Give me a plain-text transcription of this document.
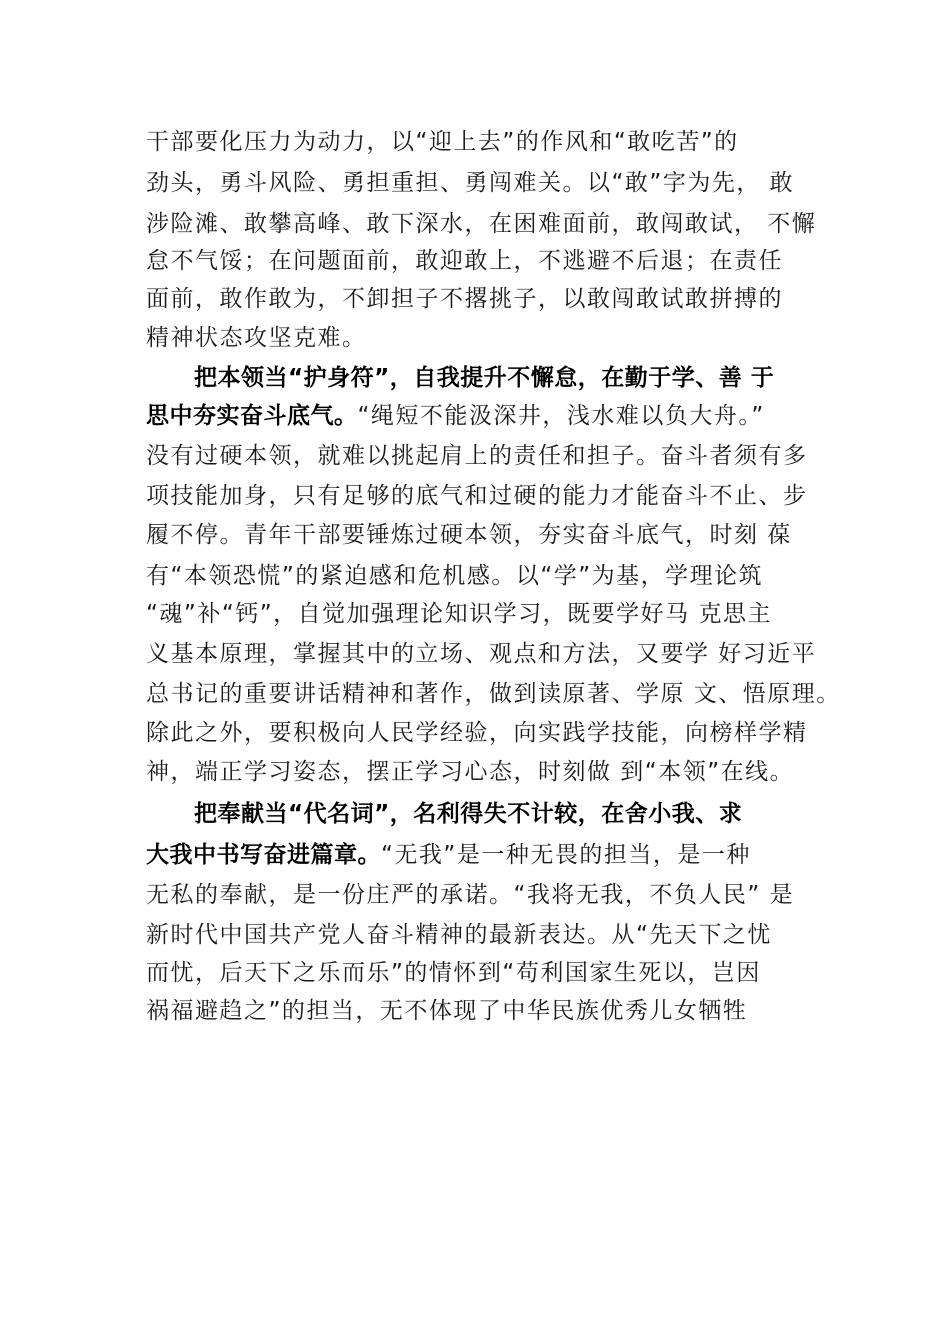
干部要化压力为动力，以“迎上去”的作风和“敢吃苦”的
劲头，勇斗风险、勇担重担、勇闯难关。以“敢”字为先， 敢
涉险滩、敢攀高峰、敢下深水，在困难面前，敢闯敢试， 不懈
怠不气馁；在问题面前，敢迎敢上，不逃避不后退；在责任
面前，敢作敢为，不卸担子不撂挑子，以敢闯敢试敢拼搏的
精神状态攻坚克难。
把本领当“护身符”，自我提升不懈怠，在勤于学、善 于
思中夯实奋斗底气。“绳短不能汲深井，浅水难以负大舟。”
没有过硬本领，就难以挑起肩上的责任和担子。奋斗者须有多
项技能加身，只有足够的底气和过硬的能力才能奋斗不止、步
履不停。青年干部要锤炼过硬本领，夯实奋斗底气，时刻 葆
有“本领恐慌”的紧迫感和危机感。以“学”为基，学理论筑
“魂”补“钙”，自觉加强理论知识学习，既要学好马 克思主
义基本原理，掌握其中的立场、观点和方法，又要学 好习近平
总书记的重要讲话精神和著作，做到读原著、学原 文、悟原理。
除此之外，要积极向人民学经验，向实践学技能，向榜样学精
神，端正学习姿态，摆正学习心态，时刻做 到“本领”在线。
把奉献当“代名词”，名利得失不计较，在舍小我、求
大我中书写奋进篇章。“无我”是一种无畏的担当，是一种
无私的奉献，是一份庄严的承诺。“我将无我，不负人民” 是
新时代中国共产党人奋斗精神的最新表达。从“先天下之忧
而忧，后天下之乐而乐”的情怀到“苟利国家生死以，岂因
祸福避趋之”的担当，无不体现了中华民族优秀儿女牺牲
